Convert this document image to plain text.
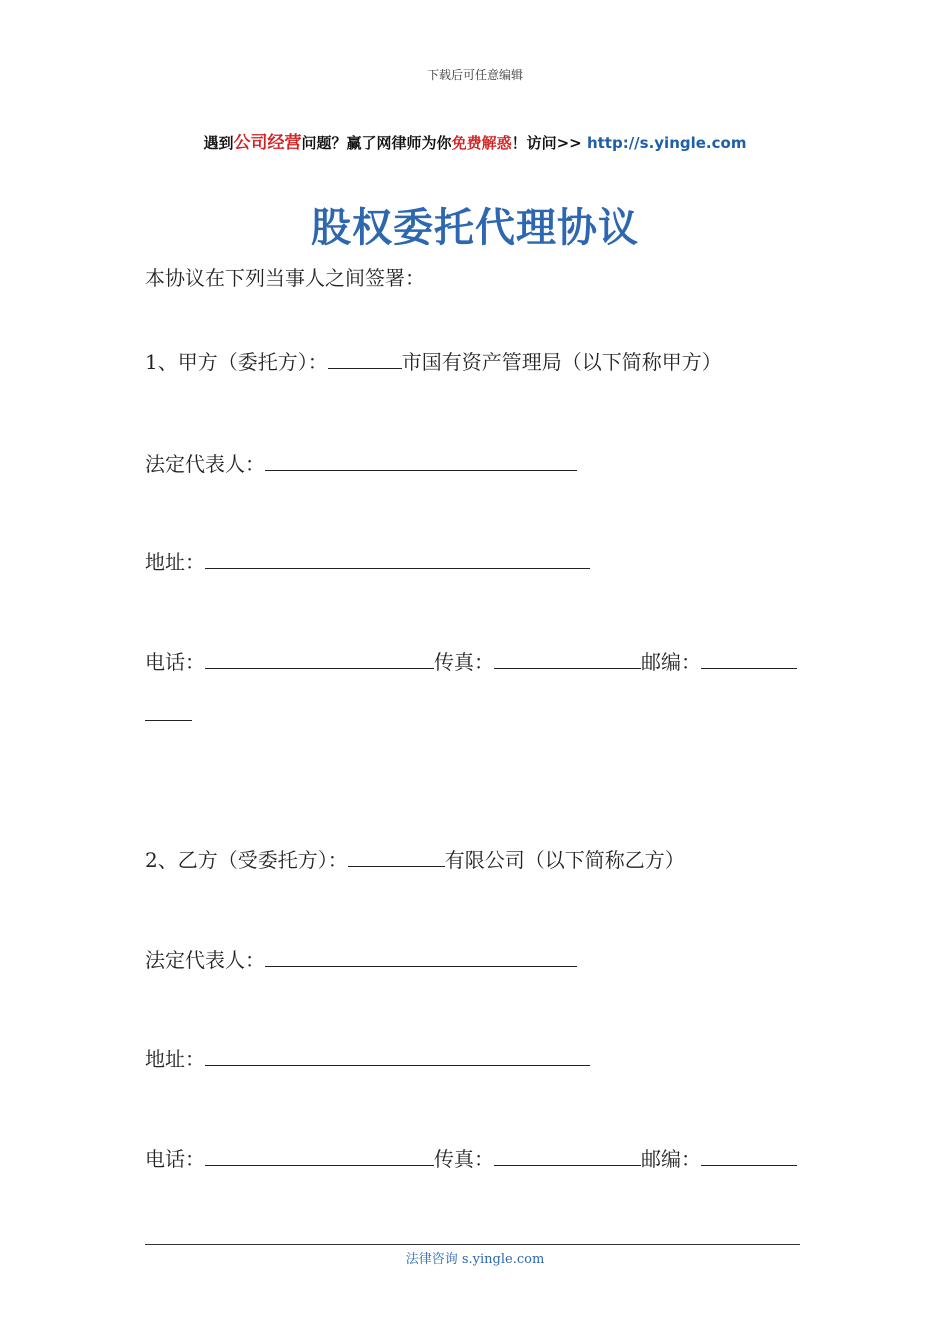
下载后可任意编辑
遇到公司经营问题？赢了网律师为你免费解惑！访问>> http://s.yingle.com
股权委托代理协议
本协议在下列当事人之间签署：
1、甲方（委托方）：	市国有资产管理局（以下简称甲方）
法定代表人：
地址：
电话：	传真：	邮编：
2、乙方（受委托方）：	有限公司（以下简称乙方）
法定代表人：
地址：
电话：	传真：	邮编：
法律咨询 s.yingle.com
